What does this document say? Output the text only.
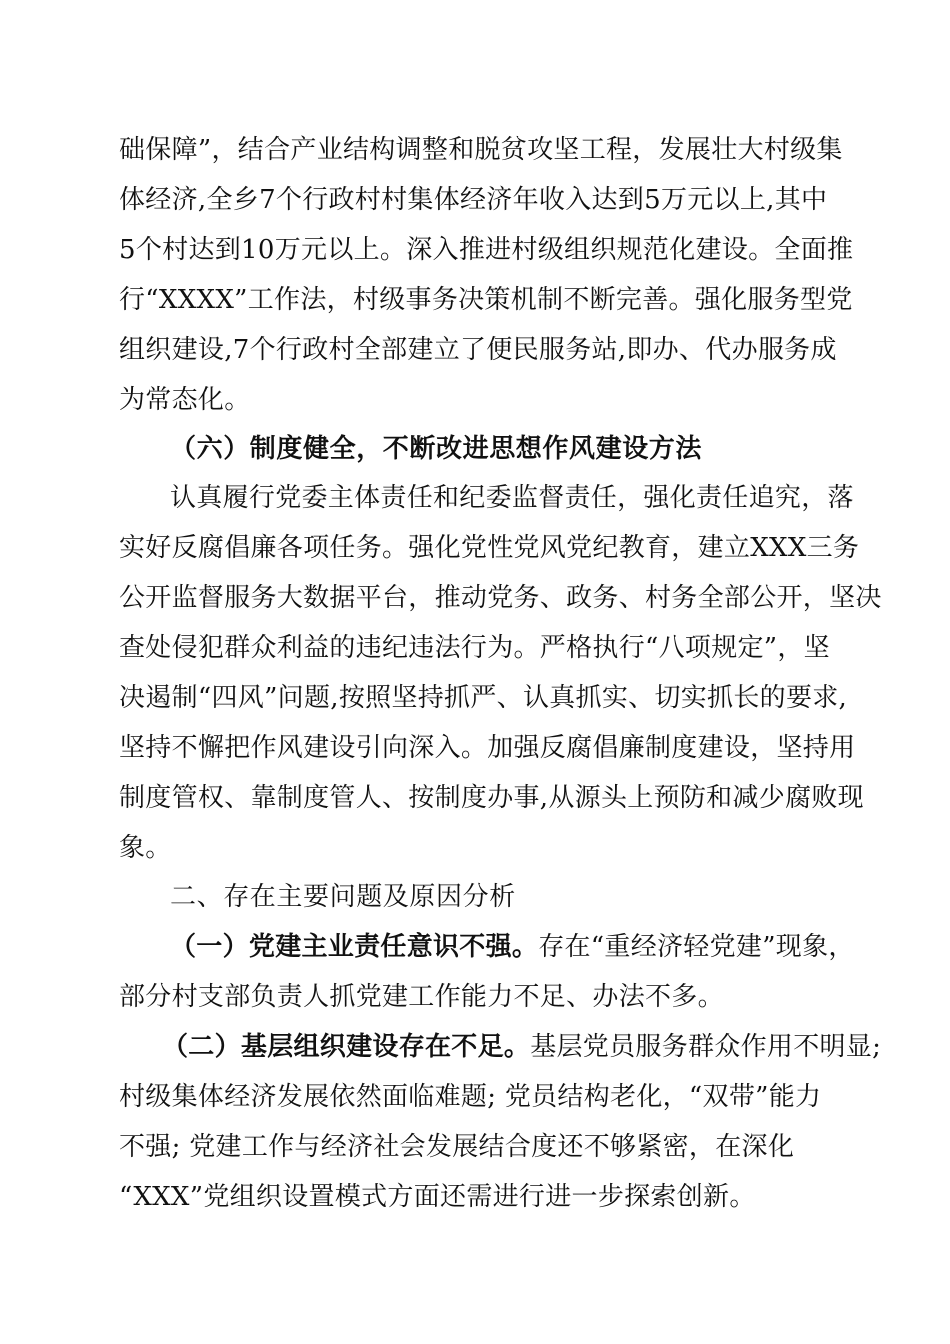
础保障”，结合产业结构调整和脱贫攻坚工程，发展壮大村级集
体经济,全乡7个行政村村集体经济年收入达到5万元以上,其中
5个村达到10万元以上。深入推进村级组织规范化建设。全面推
行“XXXX”工作法，村级事务决策机制不断完善。强化服务型党
组织建设,7个行政村全部建立了便民服务站,即办、代办服务成
为常态化。
（六）制度健全，不断改进思想作风建设方法
认真履行党委主体责任和纪委监督责任，强化责任追究，落
实好反腐倡廉各项任务。强化党性党风党纪教育，建立XXX三务
公开监督服务大数据平台，推动党务、政务、村务全部公开，坚决
查处侵犯群众利益的违纪违法行为。严格执行“八项规定”，坚
决遏制“四风”问题,按照坚持抓严、认真抓实、切实抓长的要求,
坚持不懈把作风建设引向深入。加强反腐倡廉制度建设，坚持用
制度管权、靠制度管人、按制度办事,从源头上预防和减少腐败现
象。
二、存在主要问题及原因分析
（一）党建主业责任意识不强。存在“重经济轻党建”现象，
部分村支部负责人抓党建工作能力不足、办法不多。
（二）基层组织建设存在不足。基层党员服务群众作用不明显;
村级集体经济发展依然面临难题; 党员结构老化，“双带”能力
不强; 党建工作与经济社会发展结合度还不够紧密，在深化
“XXX”党组织设置模式方面还需进行进一步探索创新。
